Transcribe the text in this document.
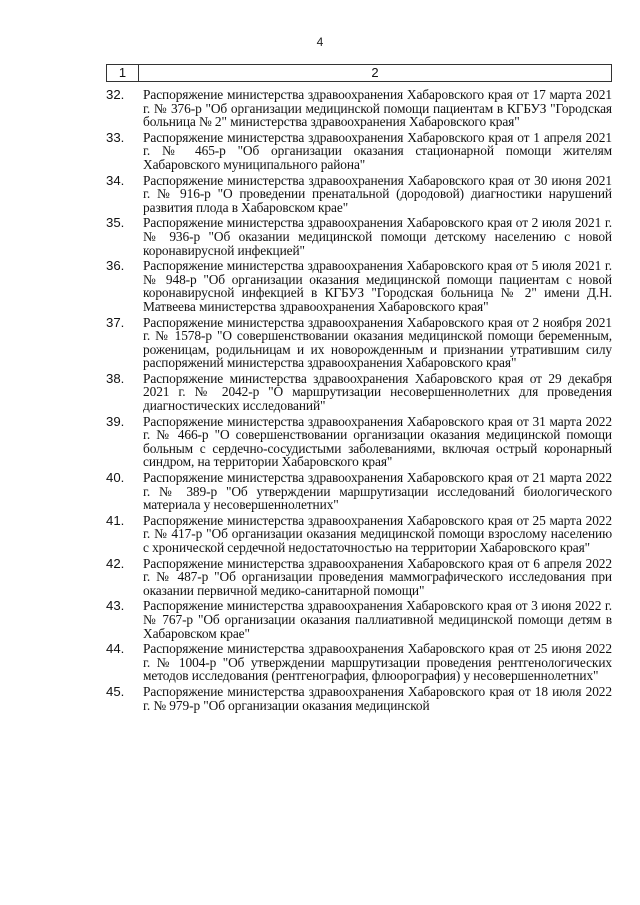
4
1	2
32.	Распоряжение министерства здравоохранения Хабаровского края от 17 марта 2021 г. № 376-р "Об организации медицинской помощи пациентам в КГБУЗ "Городская больница № 2" министерства здравоохранения Хабаровского края"
33.	Распоряжение министерства здравоохранения Хабаровского края от 1 апреля 2021 г. № 465-р "Об организации оказания стационарной помощи жителям Хабаровского муниципального района"
34.	Распоряжение министерства здравоохранения Хабаровского края от 30 июня 2021 г. № 916-р "О проведении пренатальной (дородовой) диагностики нарушений развития плода в Хабаровском крае"
35.	Распоряжение министерства здравоохранения Хабаровского края от 2 июля 2021 г. № 936-р "Об оказании медицинской помощи детскому населению с новой коронавирусной инфекцией"
36.	Распоряжение министерства здравоохранения Хабаровского края от 5 июля 2021 г. № 948-р "Об организации оказания медицинской помощи пациентам с новой коронавирусной инфекцией в КГБУЗ "Городская больница № 2" имени Д.Н. Матвеева министерства здравоохранения Хабаровского края"
37.	Распоряжение министерства здравоохранения Хабаровского края от 2 ноября 2021 г. № 1578-р "О совершенствовании оказания медицинской помощи беременным, роженицам, родильницам и их новорожденным и признании утратившим силу распоряжений министерства здравоохранения Хабаровского края"
38.	Распоряжение министерства здравоохранения Хабаровского края от 29 декабря 2021 г. № 2042-р "О маршрутизации несовершеннолетних для проведения диагностических исследований"
39.	Распоряжение министерства здравоохранения Хабаровского края от 31 марта 2022 г. № 466-р "О совершенствовании организации оказания медицинской помощи больным с сердечно-сосудистыми заболеваниями, включая острый коронарный синдром, на территории Хабаровского края"
40.	Распоряжение министерства здравоохранения Хабаровского края от 21 марта 2022 г. № 389-р "Об утверждении маршрутизации исследований биологического материала у несовершеннолетних"
41.	Распоряжение министерства здравоохранения Хабаровского края от 25 марта 2022 г. № 417-р "Об организации оказания медицинской помощи взрослому населению с хронической сердечной недостаточностью на территории Хабаровского края"
42.	Распоряжение министерства здравоохранения Хабаровского края от 6 апреля 2022 г. № 487-р "Об организации проведения маммографического исследования при оказании первичной медико-санитарной помощи"
43.	Распоряжение министерства здравоохранения Хабаровского края от 3 июня 2022 г. № 767-р "Об организации оказания паллиативной медицинской помощи детям в Хабаровском крае"
44.	Распоряжение министерства здравоохранения Хабаровского края от 25 июня 2022 г. № 1004-р "Об утверждении маршрутизации проведения рентгенологических методов исследования (рентгенография, флюорография) у несовершеннолетних"
45.	Распоряжение министерства здравоохранения Хабаровского края от 18 июля 2022 г. № 979-р "Об организации оказания медицинской
